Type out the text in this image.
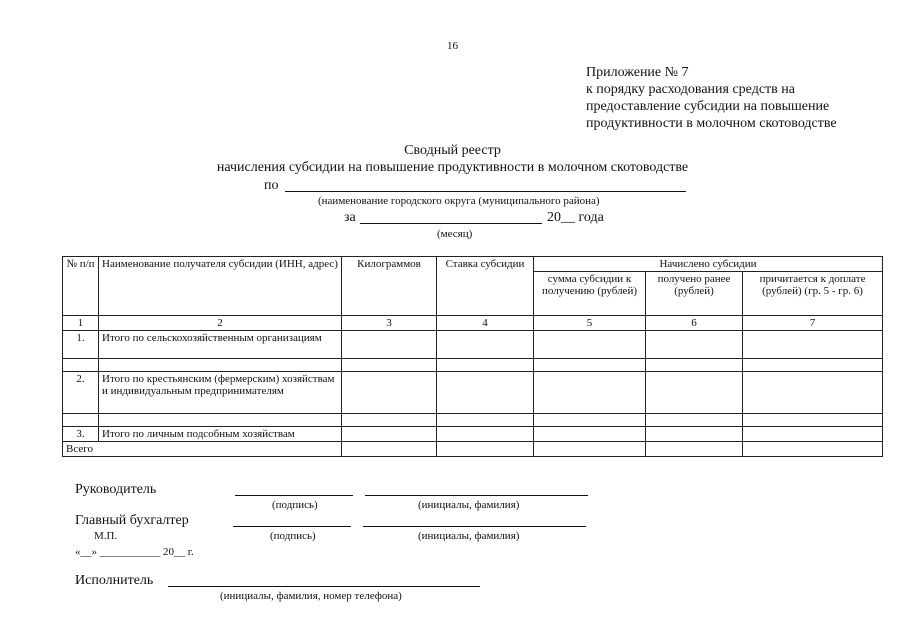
16
Приложение № 7
к порядку расходования средств на
предоставление субсидии на повышение
продуктивности в молочном скотоводстве
Сводный реестр
начисления субсидии на повышение продуктивности в молочном скотоводстве
по
(наименование городского округа (муниципального района)
за	20__ года
(месяц)
№ п/п	Наименование получателя субсидии (ИНН, адрес)	Килограммов	Ставка субсидии	Начислено субсидии		
				сумма субсидии к получению (рублей)	получено ранее (рублей)	причитается к доплате (рублей) (гр. 5 - гр. 6)
1	2	3	4	5	6	7
1.	Итого по сельскохозяйственным организациям					

2.	Итого по крестьянским (фермерским) хозяйствам и индивидуальным предпринимателям					

3.	Итого по личным подсобным хозяйствам					
Всего						
Руководитель
(подпись)	(инициалы, фамилия)
Главный бухгалтер
М.П.	(подпись)	(инициалы, фамилия)
«__» ___________ 20__ г.
Исполнитель
(инициалы, фамилия, номер телефона)
